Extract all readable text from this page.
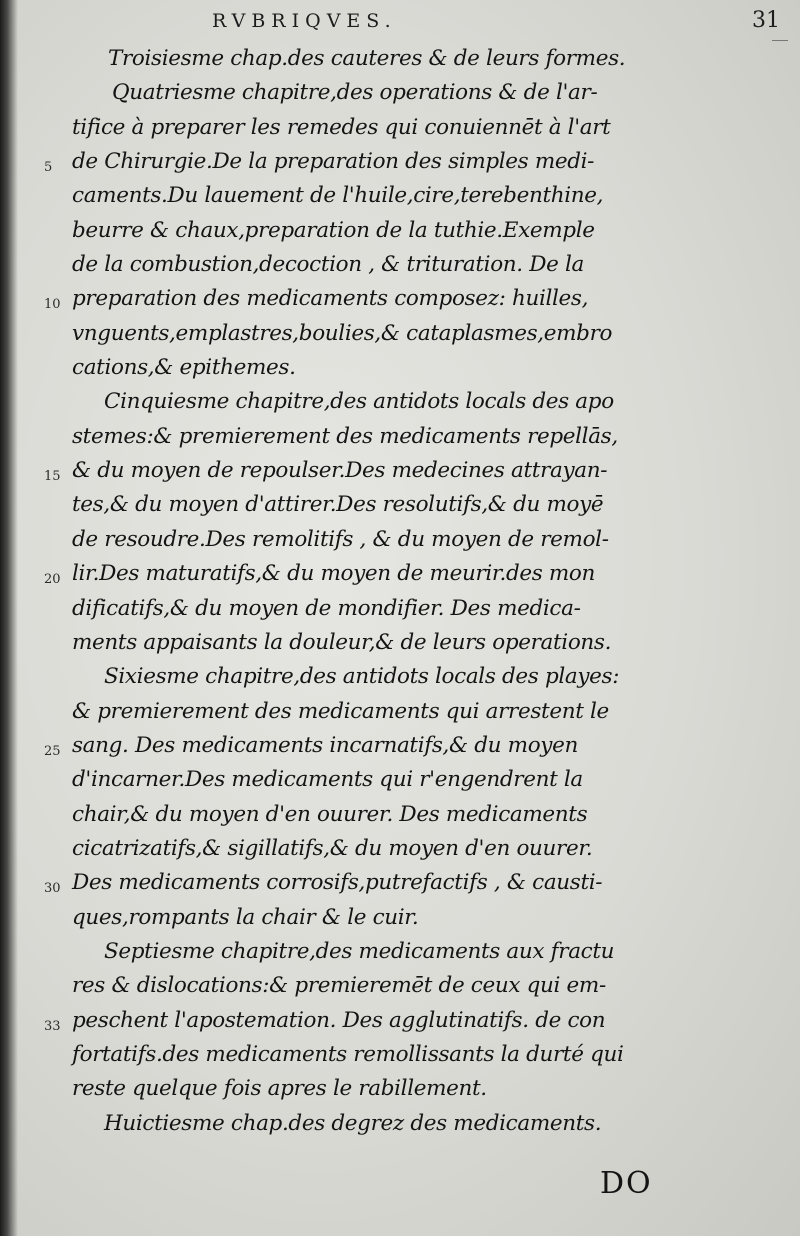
RVBRIQVES.	31
Troisiesme chap.des cauteres & de leurs formes.
Quatriesme chapitre,des operations & de l'ar-
tifice à preparer les remedes qui conuiennēt à l'art
de Chirurgie.De la preparation des simples medi-
5
caments.Du lauement de l'huile,cire,terebenthine,
beurre & chaux,preparation de la tuthie.Exemple
de la combustion,decoction , & trituration. De la
preparation des medicaments composez: huilles,
10
vnguents,emplastres,boulies,& cataplasmes,embro
cations,& epithemes.
Cinquiesme chapitre,des antidots locals des apo
stemes:& premierement des medicaments repellās,
& du moyen de repoulser.Des medecines attrayan-
15
tes,& du moyen d'attirer.Des resolutifs,& du moyē
de resoudre.Des remolitifs , & du moyen de remol-
lir.Des maturatifs,& du moyen de meurir.des mon
20
dificatifs,& du moyen de mondifier. Des medica-
ments appaisants la douleur,& de leurs operations.
Sixiesme chapitre,des antidots locals des playes:
& premierement des medicaments qui arrestent le
sang. Des medicaments incarnatifs,& du moyen
25
d'incarner.Des medicaments qui r'engendrent la
chair,& du moyen d'en ouurer. Des medicaments
cicatrizatifs,& sigillatifs,& du moyen d'en ouurer.
Des medicaments corrosifs,putrefactifs , & causti-
30
ques,rompants la chair & le cuir.
Septiesme chapitre,des medicaments aux fractu
res & dislocations:& premieremēt de ceux qui em-
peschent l'apostemation. Des agglutinatifs. de con
33
fortatifs.des medicaments remollissants la durté qui
reste quelque fois apres le rabillement.
Huictiesme chap.des degrez des medicaments.
DO
